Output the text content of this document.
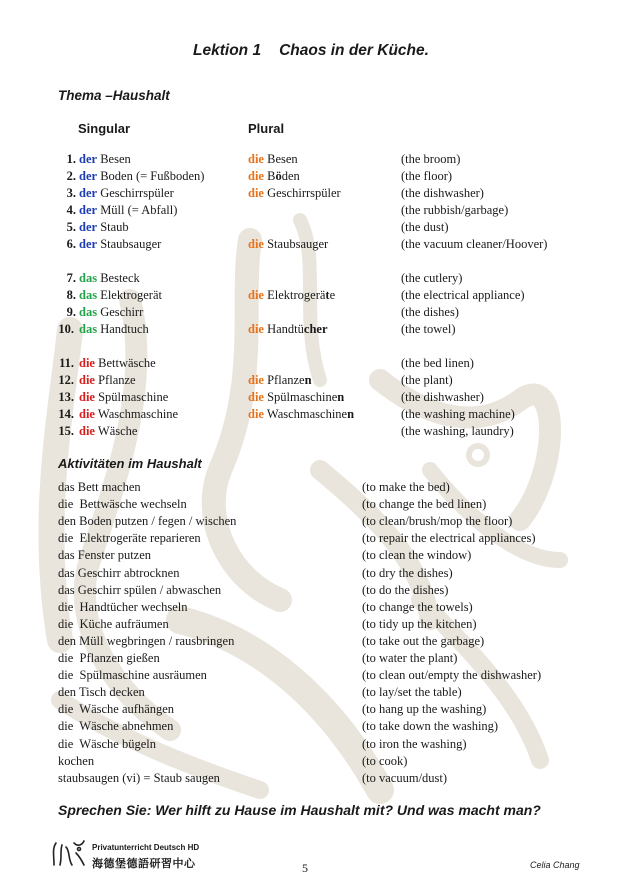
Lektion 1 Chaos in der Küche.
Thema –Haushalt
Singular	Plural
1. der Besen	die Besen	(the broom)
2. der Boden (= Fußboden)	die Böden	(the floor)
3. der Geschirrspüler	die Geschirrspüler	(the dishwasher)
4. der Müll (= Abfall)	(the rubbish/garbage)
5. der Staub	(the dust)
6. der Staubsauger	die Staubsauger	(the vacuum cleaner/Hoover)
7. das Besteck	(the cutlery)
8. das Elektrogerät	die Elektrogeräte	(the electrical appliance)
9. das Geschirr	(the dishes)
10. das Handtuch	die Handtücher	(the towel)
11. die Bettwäsche	(the bed linen)
12. die Pflanze	die Pflanzen	(the plant)
13. die Spülmaschine	die Spülmaschinen	(the dishwasher)
14. die Waschmaschine	die Waschmaschinen	(the washing machine)
15. die Wäsche	(the washing, laundry)
Aktivitäten im Haushalt
das Bett machen	(to make the bed)
die  Bettwäsche wechseln	(to change the bed linen)
den Boden putzen / fegen / wischen	(to clean/brush/mop the floor)
die  Elektrogeräte reparieren	(to repair the electrical appliances)
das Fenster putzen	(to clean the window)
das Geschirr abtrocknen	(to dry the dishes)
das Geschirr spülen / abwaschen	(to do the dishes)
die  Handtücher wechseln	(to change the towels)
die  Küche aufräumen	(to tidy up the kitchen)
den Müll wegbringen / rausbringen	(to take out the garbage)
die  Pflanzen gießen	(to water the plant)
die  Spülmaschine ausräumen	(to clean out/empty the dishwasher)
den Tisch decken	(to lay/set the table)
die  Wäsche aufhängen	(to hang up the washing)
die  Wäsche abnehmen	(to take down the washing)
die  Wäsche bügeln	(to iron the washing)
kochen	(to cook)
staubsaugen (vi) = Staub saugen	(to vacuum/dust)
Sprechen Sie: Wer hilft zu Hause im Haushalt mit? Und was macht man?
Privatunterricht Deutsch HD
海德堡德語研習中心	5	Celia Chang
